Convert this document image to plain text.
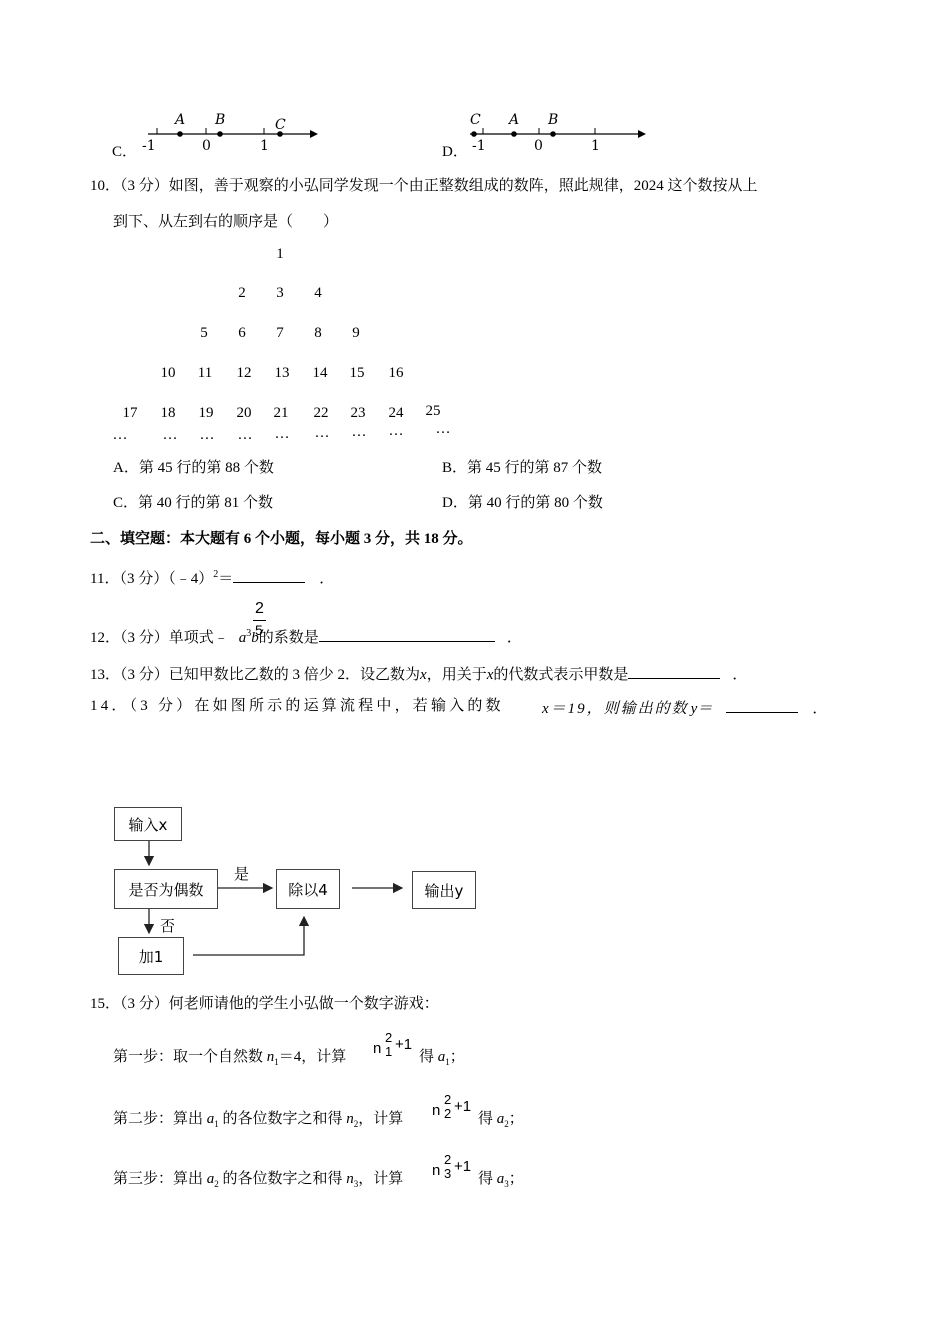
C．
A B	C
-1	0	1	D．
C A B
-1	0	1
10．（3 分）如图，善于观察的小弘同学发现一个由正整数组成的数阵，照此规律，2024 这个数按从上
到下、从左到右的顺序是（　　）
1
2	3	4
5	6	7	8	9
10	11	12	13	14	15	16
17	18	19	20	21	22	23	24	25
…	…	…	…	…	…	…	…	…
A．第 45 行的第 88 个数	B．第 45 行的第 87 个数
C．第 40 行的第 81 个数	D．第 40 行的第 80 个数
二、填空题：本大题有 6 个小题，每小题 3 分，共 18 分。
11．（3 分）（﹣4）$^2$＝	．
12．（3 分）单项式﹣ $a^3b$的系数是	．
2
5
13．（3 分）已知甲数比乙数的 3 倍少 2．设乙数为x，用关于x的代数式表示甲数是	．
14．（3 分）在如图所示的运算流程中，若输入的数	x＝19，则输出的数 y＝	．
输入x
是否为偶数	除以4	输出y
加1
是
否
15．（3 分）何老师请他的学生小弘做一个数字游戏：
第一步：取一个自然数 $n_1=4$，计算 n
2
1 +1
得 $a_1$；
第二步：算出 $a_1$ 的各位数字之和得 $n_2$，计算 n
2
2 +1
得 $a_2$；
第三步：算出 $a_2$ 的各位数字之和得 $n_3$，计算 n
2
3 +1
得 $a_3$；
